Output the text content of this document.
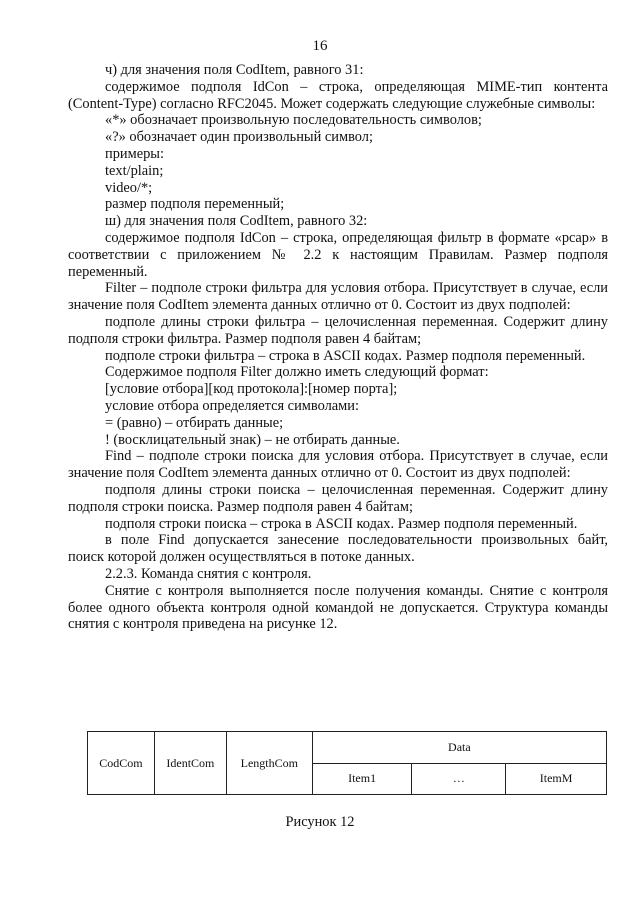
16

ч) для значения поля CodItem, равного 31:

содержимое подполя IdCon – строка, определяющая MIME-тип контента (Content-Type) согласно RFC2045. Может содержать следующие служебные символы:

«*» обозначает произвольную последовательность символов;

«?» обозначает один произвольный символ;

примеры:

text/plain;

video/*;

размер подполя переменный;

ш) для значения поля CodItem, равного 32:

содержимое подполя IdCon – строка, определяющая фильтр в формате «pcap» в соответствии с приложением № 2.2 к настоящим Правилам. Размер подполя переменный.

Filter – подполе строки фильтра для условия отбора. Присутствует в случае, если значение поля CodItem элемента данных отлично от 0. Состоит из двух подполей:

подполе длины строки фильтра – целочисленная переменная. Содержит длину подполя строки фильтра. Размер подполя равен 4 байтам;

подполе строки фильтра – строка в ASCII кодах. Размер подполя переменный.

Содержимое подполя Filter должно иметь следующий формат:

[условие отбора][код протокола]:[номер порта];

условие отбора определяется символами:

= (равно) – отбирать данные;

! (восклицательный знак) – не отбирать данные.

Find – подполе строки поиска для условия отбора. Присутствует в случае, если значение поля CodItem элемента данных отлично от 0. Состоит из двух подполей:

подполя длины строки поиска – целочисленная переменная. Содержит длину подполя строки поиска. Размер подполя равен 4 байтам;

подполя строки поиска – строка в ASCII кодах. Размер подполя переменный.

в поле Find допускается занесение последовательности произвольных байт, поиск которой должен осуществляться в потоке данных.

2.2.3. Команда снятия с контроля.

Снятие с контроля выполняется после получения команды. Снятие с контроля более одного объекта контроля одной командой не допускается. Структура команды снятия с контроля приведена на рисунке 12.

CodCom	IdentCom	LengthCom	Data		
			Item1	…	ItemM
Рисунок 12
